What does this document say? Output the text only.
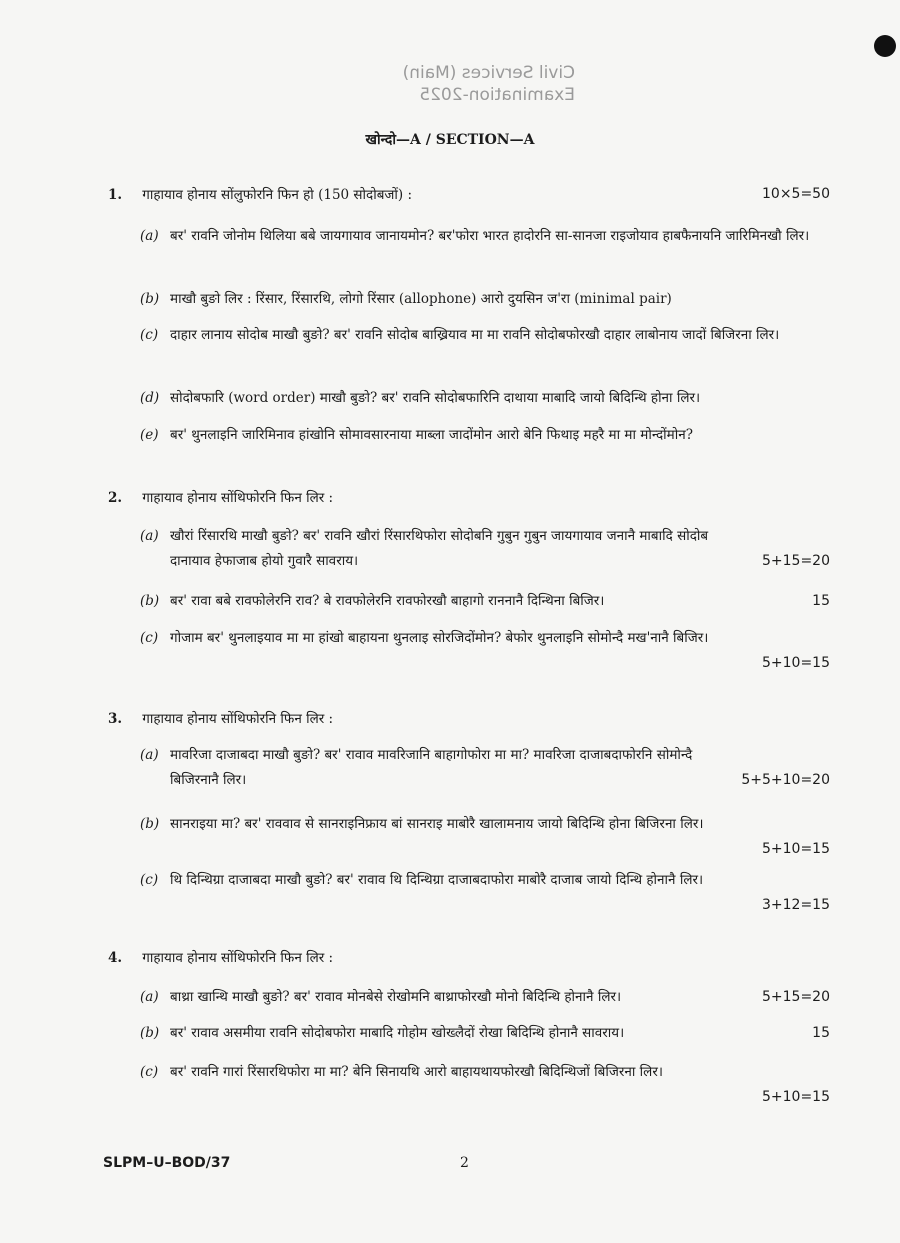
Civil Services (Main)
Examination-2025
खोन्दो—A / SECTION—A
1. गाहायाव होनाय सोंलुफोरनि फिन हो (150 सोदोबजों) :	10×5=50
(a) बर' रावनि जोनोम थिलिया बबे जायगायाव जानायमोन? बर'फोरा भारत हादोरनि सा-सानजा राइजोयाव हाबफैनायनि जारिमिनखौ लिर।
(b) माखौ बुङो लिर : रिंसार, रिंसारथि, लोगो रिंसार (allophone) आरो दुयसिन ज'रा (minimal pair)
(c) दाहार लानाय सोदोब माखौ बुङो? बर' रावनि सोदोब बाख्रियाव मा मा रावनि सोदोबफोरखौ दाहार लाबोनाय जादों बिजिरना लिर।
(d) सोदोबफारि (word order) माखौ बुङो? बर' रावनि सोदोबफारिनि दाथाया माबादि जायो बिदिन्थि होना लिर।
(e) बर' थुनलाइनि जारिमिनाव हांखोनि सोमावसारनाया माब्ला जादोंमोन आरो बेनि फिथाइ महरै मा मा मोन्दोंमोन?
2. गाहायाव होनाय सोंथिफोरनि फिन लिर :
(a) खौरां रिंसारथि माखौ बुङो? बर' रावनि खौरां रिंसारथिफोरा सोदोबनि गुबुन गुबुन जायगायाव जनानै माबादि सोदोब दानायाव हेफाजाब होयो गुवारै सावराय।	5+15=20
(b) बर' रावा बबे रावफोलेरनि राव? बे रावफोलेरनि रावफोरखौ बाहागो राननानै दिन्थिना बिजिर।	15
(c) गोजाम बर' थुनलाइयाव मा मा हांखो बाहायना थुनलाइ सोरजिदोंमोन? बेफोर थुनलाइनि सोमोन्दै मख'नानै बिजिर।
5+10=15
3. गाहायाव होनाय सोंथिफोरनि फिन लिर :
(a) मावरिजा दाजाबदा माखौ बुङो? बर' रावाव मावरिजानि बाहागोफोरा मा मा? मावरिजा दाजाबदाफोरनि सोमोन्दै बिजिरनानै लिर।	5+5+10=20
(b) सानराइया मा? बर' राववाव से सानराइनिफ्राय बां सानराइ माबोरै खालामनाय जायो बिदिन्थि होना बिजिरना लिर।
5+10=15
(c) थि दिन्थिग्रा दाजाबदा माखौ बुङो? बर' रावाव थि दिन्थिग्रा दाजाबदाफोरा माबोरै दाजाब जायो दिन्थि होनानै लिर।
3+12=15
4. गाहायाव होनाय सोंथिफोरनि फिन लिर :
(a) बाथ्रा खान्थि माखौ बुङो? बर' रावाव मोनबेसे रोखोमनि बाथ्राफोरखौ मोनो बिदिन्थि होनानै लिर।	5+15=20
(b) बर' रावाव असमीया रावनि सोदोबफोरा माबादि गोहोम खोख्लैदों रोखा बिदिन्थि होनानै सावराय।	15
(c) बर' रावनि गारां रिंसारथिफोरा मा मा? बेनि सिनायथि आरो बाहायथायफोरखौ बिदिन्थिजों बिजिरना लिर।
5+10=15
SLPM–U–BOD/37	2
